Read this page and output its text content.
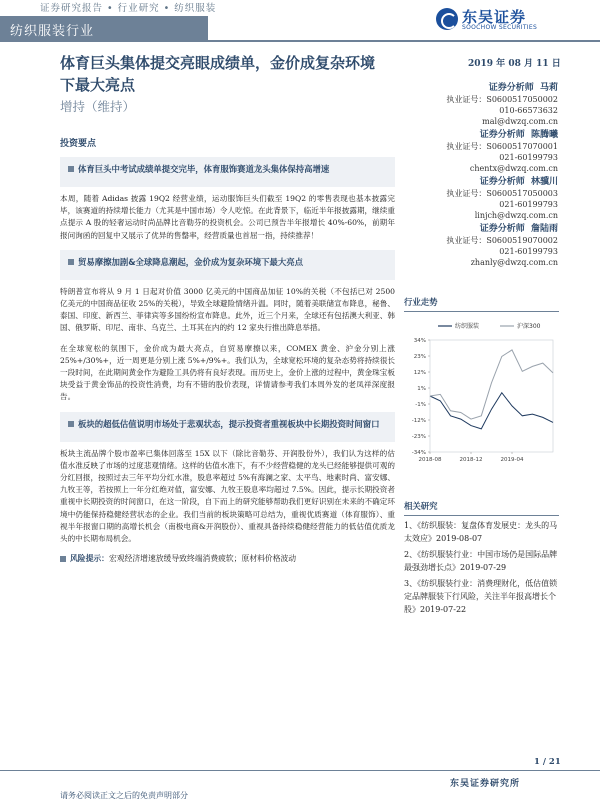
证券研究报告 • 行业研究 • 纺织服装
纺织服装行业
东吴证券
SOOCHOW SECURITIES
体育巨头集体提交亮眼成绩单，金价成复杂环境下最大亮点
增持（维持）
2019 年 08 月 11 日
证券分析师 马莉
执业证号：S0600517050002
010-66573632
mal@dwzq.com.cn
证券分析师 陈腾曦
执业证号：S0600517070001
021-60199793
chentx@dwzq.com.cn
证券分析师 林骥川
执业证号：S0600517050003
021-60199793
linjch@dwzq.com.cn
证券分析师 詹陆雨
执业证号：S0600519070002
021-60199793
zhanly@dwzq.com.cn
投资要点
体育巨头中考试成绩单提交完毕，体育服饰赛道龙头集体保持高增速
本周，随着 Adidas 披露 19Q2 经营业绩，运动服饰巨头们截至 19Q2 的零售表现也基本披露完毕，该赛道的持续增长能力（尤其是中国市场）令人吃惊。在此背景下，临近半年报披露期，继续重点提示 A 股的轻奢运动时尚品牌比音勒芬的投资机会。公司已预告半年报增长 40%-60%，前期年报问询函的回复中又展示了优异的售罄率，经营质量也首屈一指，持续推荐！
贸易摩擦加剧&全球降息潮起，金价成为复杂环境下最大亮点
特朗普宣布将从 9 月 1 日起对价值 3000 亿美元的中国商品加征 10%的关税（不包括已对 2500 亿美元的中国商品征收 25%的关税），导致全球避险情绪升温。同时，随着美联储宣布降息，秘鲁、泰国、印度、新西兰、菲律宾等多国纷纷宣布降息。此外，近三个月来，全球还有包括澳大利亚、韩国、俄罗斯、印尼、南非、乌克兰、土耳其在内的约 12 家央行推出降息举措。
在全球宽松的氛围下，金价成为最大亮点，自贸易摩擦以来，COMEX 黄金、沪金分别上涨 25%+/30%+，近一周更是分别上涨 5%+/9%+。我们认为，全球宽松环境的复杂态势将持续很长一段时间，在此期间黄金作为避险工具仍将有良好表现。而历史上，金价上涨的过程中，黄金珠宝板块受益于黄金饰品的投资性消费，均有不错的股价表现，详情请参考我们本周外发的老凤祥深度报告。
板块的超低估值说明市场处于悲观状态，提示投资者重视板块中长期投资时间窗口
板块主流品牌个股市盈率已集体回落至 15X 以下（除比音勒芬、开润股份外），我们认为这样的估值水准反映了市场的过度悲观情绪。这样的估值水准下，有不少经营稳健的龙头已经能够提供可观的分红回报，按照过去三年平均分红水准，股息率超过 5%有海澜之家、太平鸟、地素时尚、富安娜、九牧王等，若按照上一年分红绝对值，富安娜、九牧王股息率均超过 7.5%。因此，提示长期投资者重视中长期投资的时间窗口，在这一阶段，自下而上的研究能够帮助我们更好识别在未来的不确定环境中仍能保持稳健经营状态的企业。我们当前的板块策略可总结为，重视优质赛道（体育服饰）、重视半年报窗口期的高增长机会（南极电商&开润股份）、重视具备持续稳健经营能力的低估值优质龙头的中长期布局机会。
风险提示：宏观经济增速放缓导致终端消费疲软；原材料价格波动
行业走势
34%
23%
12%
1%
-1%
-12%
-23%
-34%
2018-08	2018-12	2019-04
纺织服装	沪深300
相关研究
1、《纺织服装：复盘体育发展史：龙头的马太效应》2019-08-07
2、《纺织服装行业：中国市场仍是国际品牌最强劲增长点》2019-07-29
3、《纺织服装行业：消费理财化，低估值锁定品牌服装下行风险，关注半年报高增长个股》2019-07-22
1 / 21
东吴证券研究所
请务必阅读正文之后的免责声明部分
